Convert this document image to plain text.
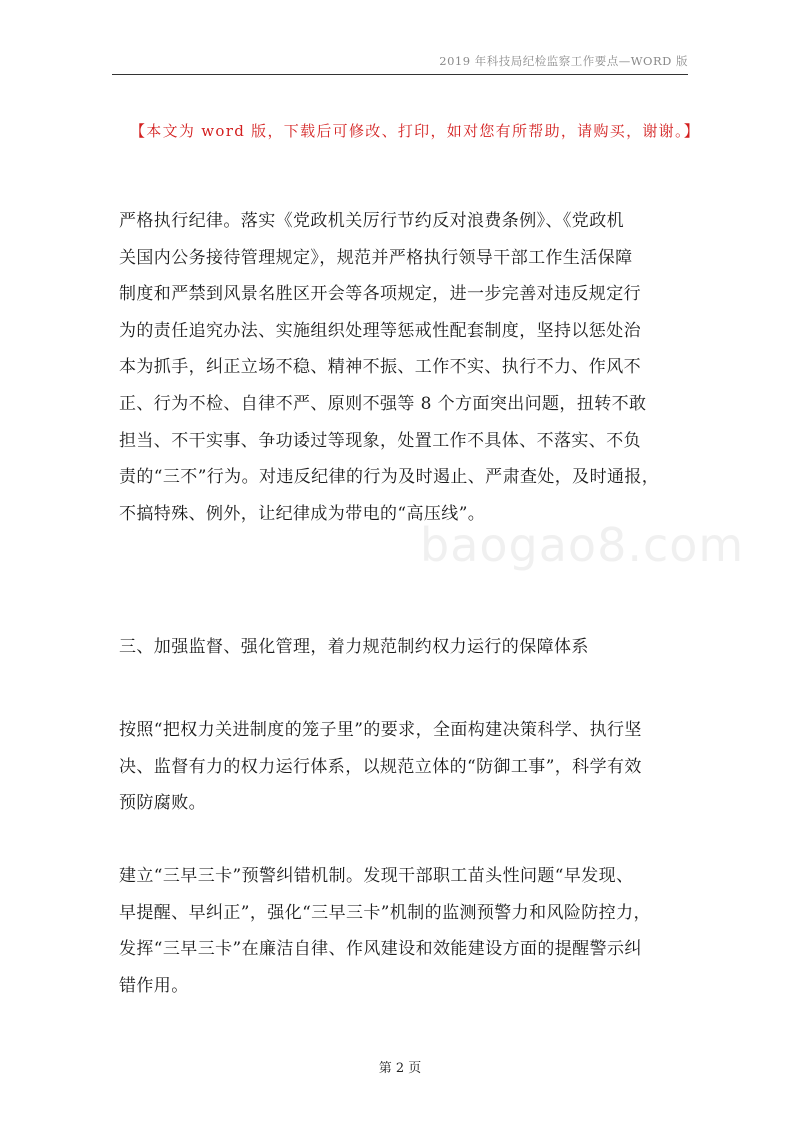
2019 年科技局纪检监察工作要点—WORD 版
【本文为 word 版，下载后可修改、打印，如对您有所帮助，请购买，谢谢。】
严格执行纪律。落实《党政机关厉行节约反对浪费条例》、《党政机
关国内公务接待管理规定》，规范并严格执行领导干部工作生活保障
制度和严禁到风景名胜区开会等各项规定，进一步完善对违反规定行
为的责任追究办法、实施组织处理等惩戒性配套制度，坚持以惩处治
本为抓手，纠正立场不稳、精神不振、工作不实、执行不力、作风不
正、行为不检、自律不严、原则不强等 8 个方面突出问题，扭转不敢
担当、不干实事、争功诿过等现象，处置工作不具体、不落实、不负
责的“三不”行为。对违反纪律的行为及时遏止、严肃查处，及时通报，
不搞特殊、例外，让纪律成为带电的“高压线”。
baogao8.com
三、加强监督、强化管理，着力规范制约权力运行的保障体系
按照“把权力关进制度的笼子里”的要求，全面构建决策科学、执行坚
决、监督有力的权力运行体系，以规范立体的“防御工事”，科学有效
预防腐败。
建立“三早三卡”预警纠错机制。发现干部职工苗头性问题“早发现、
早提醒、早纠正”，强化“三早三卡”机制的监测预警力和风险防控力，
发挥“三早三卡”在廉洁自律、作风建设和效能建设方面的提醒警示纠
错作用。
第 2 页
